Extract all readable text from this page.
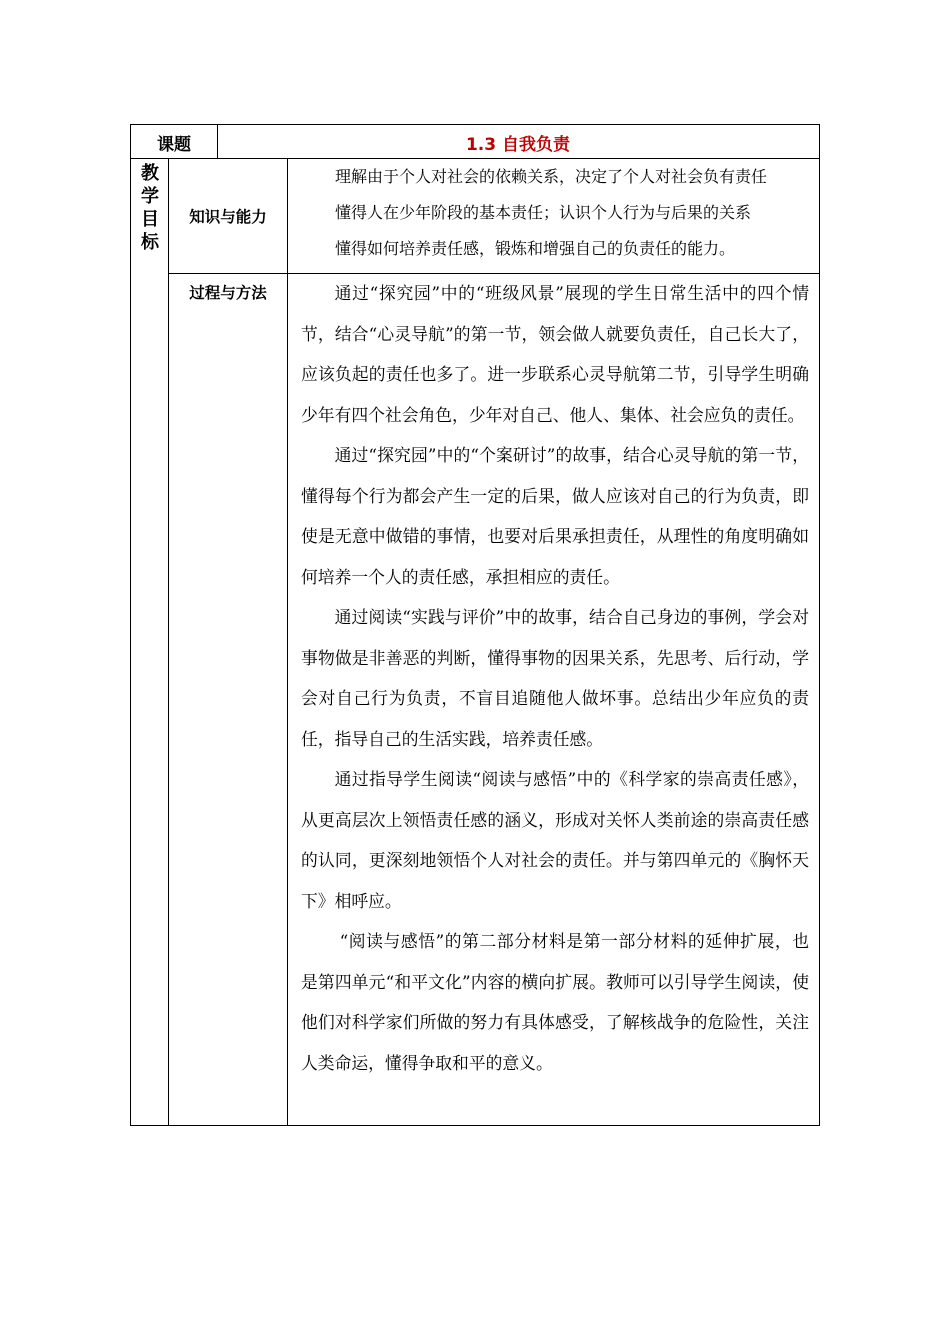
课题	1.3 自我负责
教
学
目
标
知识与能力
理解由于个人对社会的依赖关系，决定了个人对社会负有责任
懂得人在少年阶段的基本责任；认识个人行为与后果的关系
懂得如何培养责任感，锻炼和增强自己的负责任的能力。
过程与方法	通过“探究园”中的“班级风景”展现的学生日常生活中的四个情节，结合“心灵导航”的第一节，领会做人就要负责任，自己长大了，应该负起的责任也多了。进一步联系心灵导航第二节，引导学生明确少年有四个社会角色，少年对自己、他人、集体、社会应负的责任。

通过“探究园”中的“个案研讨”的故事，结合心灵导航的第一节，懂得每个行为都会产生一定的后果，做人应该对自己的行为负责，即使是无意中做错的事情，也要对后果承担责任，从理性的角度明确如何培养一个人的责任感，承担相应的责任。

通过阅读“实践与评价”中的故事，结合自己身边的事例，学会对事物做是非善恶的判断，懂得事物的因果关系，先思考、后行动，学会对自己行为负责，不盲目追随他人做坏事。总结出少年应负的责任，指导自己的生活实践，培养责任感。

通过指导学生阅读“阅读与感悟”中的《科学家的崇高责任感》，从更高层次上领悟责任感的涵义，形成对关怀人类前途的崇高责任感的认同，更深刻地领悟个人对社会的责任。并与第四单元的《胸怀天下》相呼应。

“阅读与感悟”的第二部分材料是第一部分材料的延伸扩展，也是第四单元“和平文化”内容的横向扩展。教师可以引导学生阅读，使他们对科学家们所做的努力有具体感受，了解核战争的危险性，关注人类命运，懂得争取和平的意义。
